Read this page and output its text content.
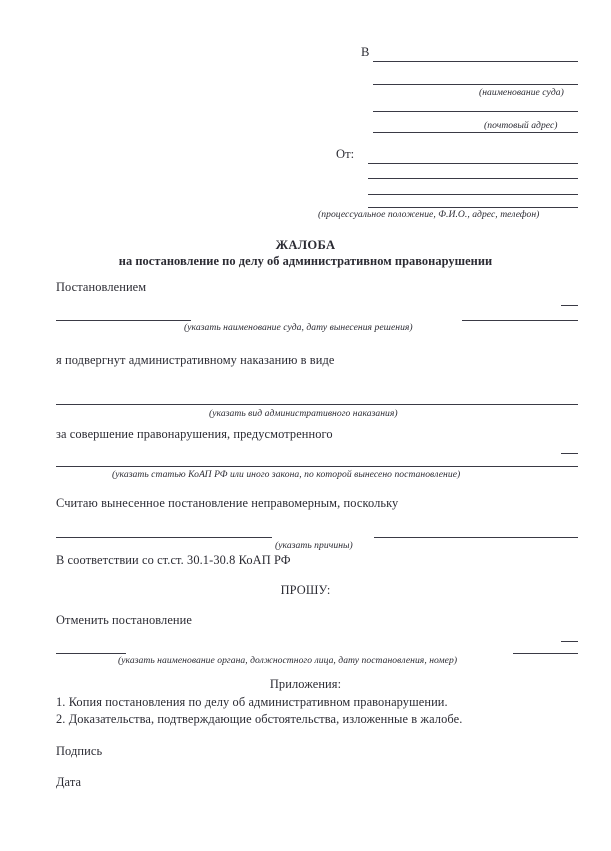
В
(наименование суда)
(почтовый адрес)
От:
(процессуальное положение, Ф.И.О., адрес, телефон)
ЖАЛОБА
на постановление по делу об административном правонарушении
Постановлением
(указать наименование суда, дату вынесения решения)
я подвергнут административному наказанию в виде
(указать вид административного наказания)
за совершение правонарушения, предусмотренного
(указать статью КоАП РФ или иного закона, по которой вынесено постановление)
Считаю вынесенное постановление неправомерным, поскольку
(указать причины)
В соответствии со ст.ст. 30.1-30.8 КоАП РФ
ПРОШУ:
Отменить постановление
(указать наименование органа, должностного лица, дату постановления, номер)
Приложения:
1. Копия постановления по делу об административном правонарушении.
2. Доказательства, подтверждающие обстоятельства, изложенные в жалобе.
Подпись
Дата
